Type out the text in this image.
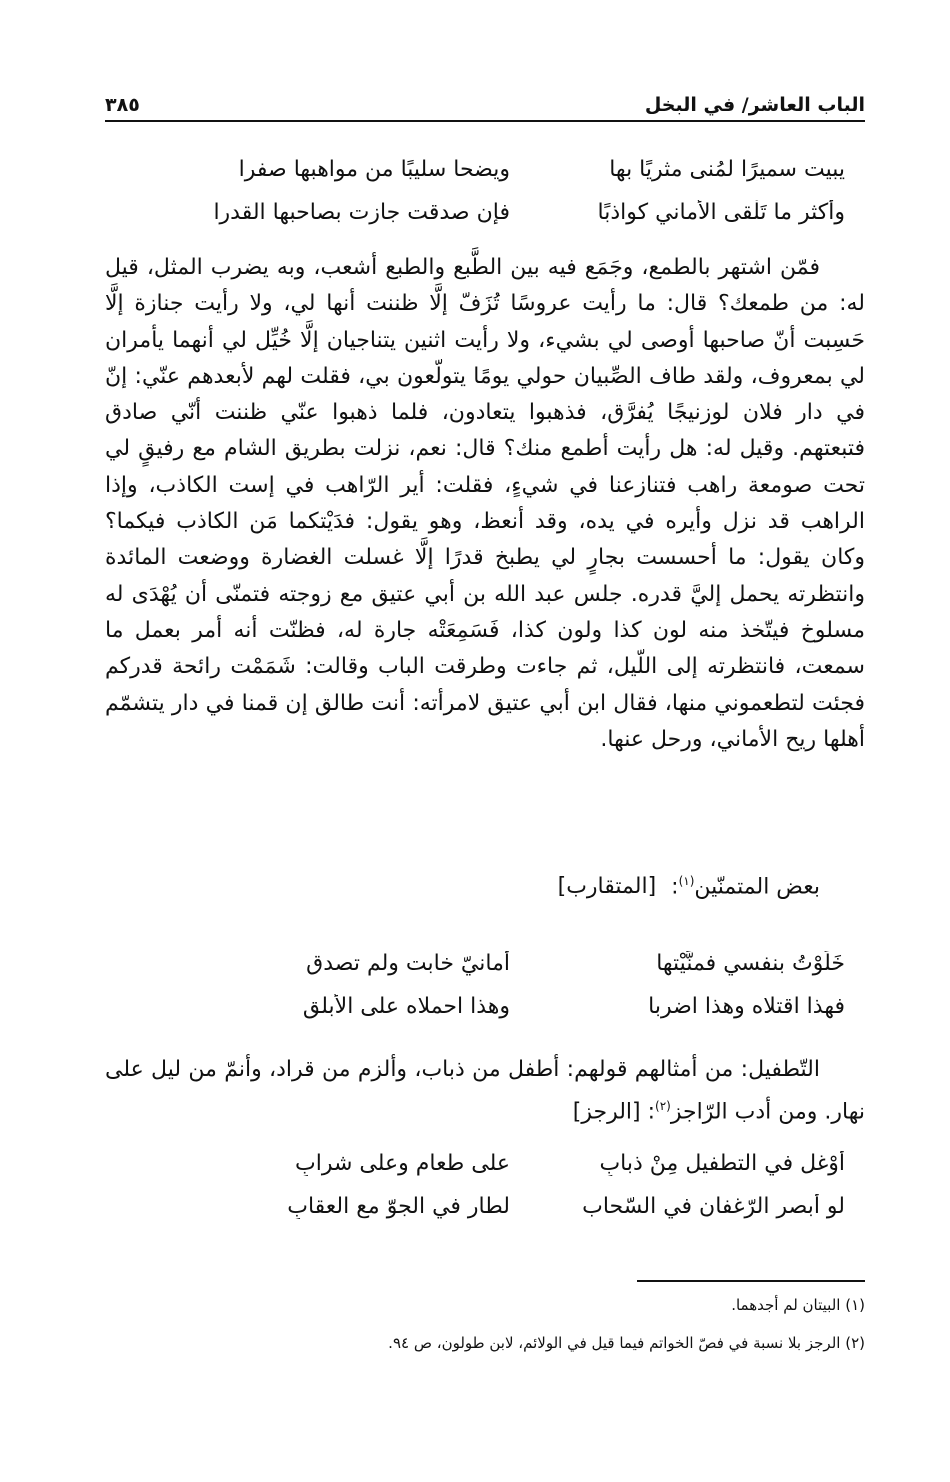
الباب العاشر/ في البخل
٣٨٥
يبيت سميرًا لمُنى مثريًا بها
ويضحا سليبًا من مواهبها صفرا
وأكثر ما تَلْقى الأماني كواذبًا
فإن صدقت جازت بصاحبها القدرا

فمّن اشتهر بالطمع، وجَمَع فيه بين الطَّبع والطبع أشعب، وبه يضرب المثل، قيل له: من طمعك؟ قال: ما رأيت عروسًا تُزَفّ إلَّا ظننت أنها لي، ولا رأيت جنازة إلَّا حَسِبت أنّ صاحبها أوصى لي بشيء، ولا رأيت اثنين يتناجيان إلَّا خُيِّل لي أنهما يأمران لي بمعروف، ولقد طاف الصِّبيان حولي يومًا يتولّعون بي، فقلت لهم لأبعدهم عنّي: إنّ في دار فلان لوزنيجًا يُفرَّق، فذهبوا يتعادون، فلما ذهبوا عنّي ظننت أنّي صادق فتبعتهم. وقيل له: هل رأيت أطمع منك؟ قال: نعم، نزلت بطريق الشام مع رفيقٍ لي تحت صومعة راهب فتنازعنا في شيءٍ، فقلت: أير الرّاهب في إست الكاذب، وإذا الراهب قد نزل وأيره في يده، وقد أنعظ، وهو يقول: فدَيْتكما مَن الكاذب فيكما؟ وكان يقول: ما أحسست بجارٍ لي يطبخ قدرًا إلَّا غسلت الغضارة ووضعت المائدة وانتظرته يحمل إليَّ قدره. جلس عبد الله بن أبي عتيق مع زوجته فتمنّى أن يُهْدَى له مسلوخ فيتّخذ منه لون كذا ولون كذا، فَسَمِعَتْه جارة له، فظنّت أنه أمر بعمل ما سمعت، فانتظرته إلى اللّيل، ثم جاءت وطرقت الباب وقالت: شَمَمْت رائحة قدركم فجئت لتطعموني منها، فقال ابن أبي عتيق لامرأته: أنت طالق إن قمنا في دار يتشمّم أهلها ريح الأماني، ورحل عنها.

بعض المتمنّين$^{(١)}$: [المتقارب]
خَلَوْتُ بنفسي فمنَّيْتها
أمانيّ خابت ولم تصدق
فهذا اقتلاه وهذا اضربا
وهذا احملاه على الأبلق

التّطفيل: من أمثالهم قولهم: أطفل من ذباب، وألزم من قراد، وأنمّ من ليل على نهار. ومن أدب الرّاجز$^{(٢)}$: [الرجز]

أوْغل في التطفيل مِنْ ذبابِ
على طعام وعلى شرابِ
لو أبصر الرّغفان في السّحاب
لطار في الجوّ مع العقابِ
(١) البيتان لم أجدهما.
(٢) الرجز بلا نسبة في فصّ الخواتم فيما قيل في الولائم، لابن طولون، ص ٩٤.
